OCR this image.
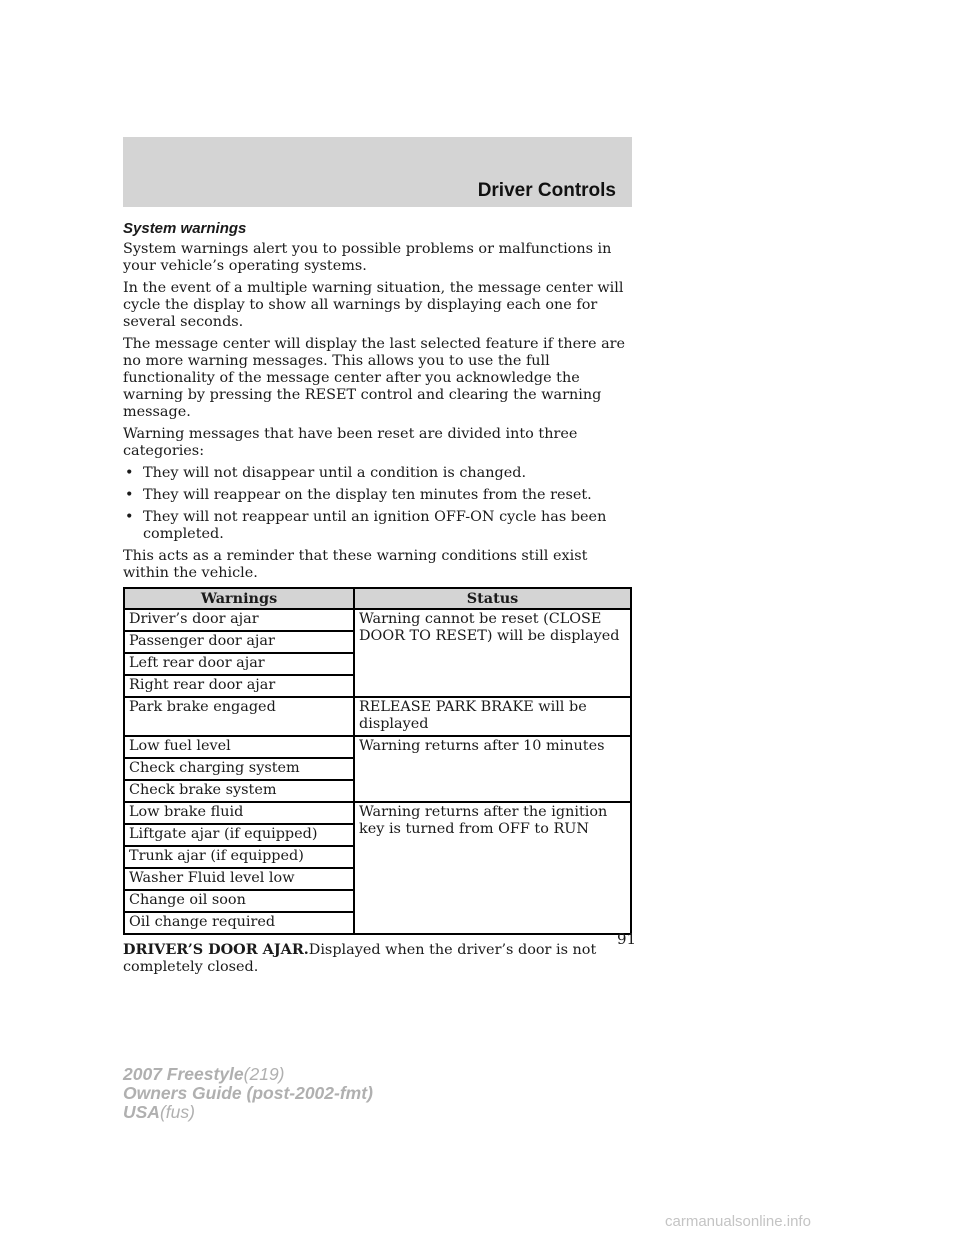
Driver Controls
System warnings

System warnings alert you to possible problems or malfunctions in your vehicle’s operating systems.

In the event of a multiple warning situation, the message center will cycle the display to show all warnings by displaying each one for several seconds.

The message center will display the last selected feature if there are no more warning messages. This allows you to use the full functionality of the message center after you acknowledge the warning by pressing the RESET control and clearing the warning message.

Warning messages that have been reset are divided into three categories:

• They will not disappear until a condition is changed.
• They will reappear on the display ten minutes from the reset.
• They will not reappear until an ignition OFF-ON cycle has been completed.

This acts as a reminder that these warning conditions still exist within the vehicle.

Warnings	Status
Driver’s door ajar	Warning cannot be reset (CLOSE DOOR TO RESET) will be displayed
Passenger door ajar	
Left rear door ajar	
Right rear door ajar	
Park brake engaged	RELEASE PARK BRAKE will be displayed
Low fuel level	Warning returns after 10 minutes
Check charging system	
Check brake system	
Low brake fluid	Warning returns after the ignition key is turned from OFF to RUN
Liftgate ajar (if equipped)	
Trunk ajar (if equipped)	
Washer Fluid level low	
Change oil soon	
Oil change required	

DRIVER’S DOOR AJAR.Displayed when the driver’s door is not completely closed.

91
2007 Freestyle(219)
Owners Guide (post-2002-fmt)
USA(fus)
carmanualsonline.info
